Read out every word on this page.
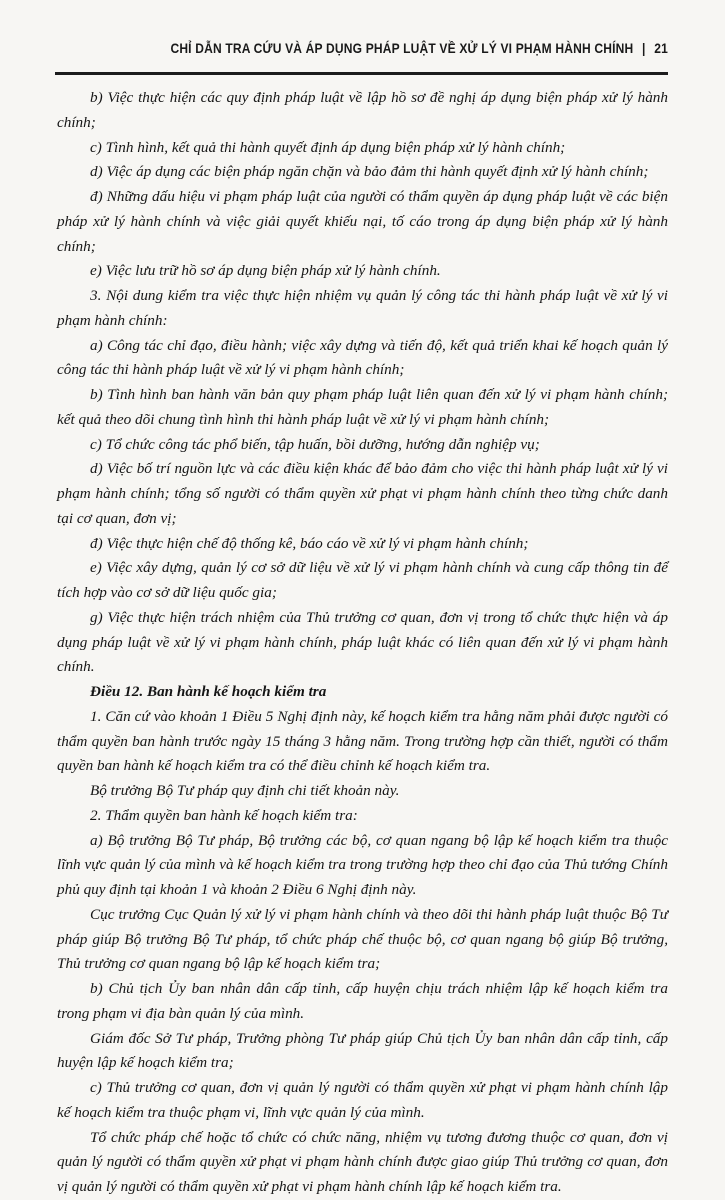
CHỈ DẪN TRA CỨU VÀ ÁP DỤNG PHÁP LUẬT VỀ XỬ LÝ VI PHẠM HÀNH CHÍNH | 21

b) Việc thực hiện các quy định pháp luật về lập hồ sơ đề nghị áp dụng biện pháp xử lý hành chính;

c) Tình hình, kết quả thi hành quyết định áp dụng biện pháp xử lý hành chính;

d) Việc áp dụng các biện pháp ngăn chặn và bảo đảm thi hành quyết định xử lý hành chính;

đ) Những dấu hiệu vi phạm pháp luật của người có thẩm quyền áp dụng pháp luật về các biện pháp xử lý hành chính và việc giải quyết khiếu nại, tố cáo trong áp dụng biện pháp xử lý hành chính;

e) Việc lưu trữ hồ sơ áp dụng biện pháp xử lý hành chính.

3. Nội dung kiểm tra việc thực hiện nhiệm vụ quản lý công tác thi hành pháp luật về xử lý vi phạm hành chính:

a) Công tác chỉ đạo, điều hành; việc xây dựng và tiến độ, kết quả triển khai kế hoạch quản lý công tác thi hành pháp luật về xử lý vi phạm hành chính;

b) Tình hình ban hành văn bản quy phạm pháp luật liên quan đến xử lý vi phạm hành chính; kết quả theo dõi chung tình hình thi hành pháp luật về xử lý vi phạm hành chính;

c) Tổ chức công tác phổ biến, tập huấn, bồi dưỡng, hướng dẫn nghiệp vụ;

d) Việc bố trí nguồn lực và các điều kiện khác để bảo đảm cho việc thi hành pháp luật xử lý vi phạm hành chính; tổng số người có thẩm quyền xử phạt vi phạm hành chính theo từng chức danh tại cơ quan, đơn vị;

đ) Việc thực hiện chế độ thống kê, báo cáo về xử lý vi phạm hành chính;

e) Việc xây dựng, quản lý cơ sở dữ liệu về xử lý vi phạm hành chính và cung cấp thông tin để tích hợp vào cơ sở dữ liệu quốc gia;

g) Việc thực hiện trách nhiệm của Thủ trưởng cơ quan, đơn vị trong tổ chức thực hiện và áp dụng pháp luật về xử lý vi phạm hành chính, pháp luật khác có liên quan đến xử lý vi phạm hành chính.

Điều 12. Ban hành kế hoạch kiểm tra

1. Căn cứ vào khoản 1 Điều 5 Nghị định này, kế hoạch kiểm tra hằng năm phải được người có thẩm quyền ban hành trước ngày 15 tháng 3 hằng năm. Trong trường hợp cần thiết, người có thẩm quyền ban hành kế hoạch kiểm tra có thể điều chỉnh kế hoạch kiểm tra.

Bộ trưởng Bộ Tư pháp quy định chi tiết khoản này.

2. Thẩm quyền ban hành kế hoạch kiểm tra:

a) Bộ trưởng Bộ Tư pháp, Bộ trưởng các bộ, cơ quan ngang bộ lập kế hoạch kiểm tra thuộc lĩnh vực quản lý của mình và kế hoạch kiểm tra trong trường hợp theo chỉ đạo của Thủ tướng Chính phủ quy định tại khoản 1 và khoản 2 Điều 6 Nghị định này.

Cục trưởng Cục Quản lý xử lý vi phạm hành chính và theo dõi thi hành pháp luật thuộc Bộ Tư pháp giúp Bộ trưởng Bộ Tư pháp, tổ chức pháp chế thuộc bộ, cơ quan ngang bộ giúp Bộ trưởng, Thủ trưởng cơ quan ngang bộ lập kế hoạch kiểm tra;

b) Chủ tịch Ủy ban nhân dân cấp tỉnh, cấp huyện chịu trách nhiệm lập kế hoạch kiểm tra trong phạm vi địa bàn quản lý của mình.

Giám đốc Sở Tư pháp, Trưởng phòng Tư pháp giúp Chủ tịch Ủy ban nhân dân cấp tỉnh, cấp huyện lập kế hoạch kiểm tra;

c) Thủ trưởng cơ quan, đơn vị quản lý người có thẩm quyền xử phạt vi phạm hành chính lập kế hoạch kiểm tra thuộc phạm vi, lĩnh vực quản lý của mình.

Tổ chức pháp chế hoặc tổ chức có chức năng, nhiệm vụ tương đương thuộc cơ quan, đơn vị quản lý người có thẩm quyền xử phạt vi phạm hành chính được giao giúp Thủ trưởng cơ quan, đơn vị quản lý người có thẩm quyền xử phạt vi phạm hành chính lập kế hoạch kiểm tra.
